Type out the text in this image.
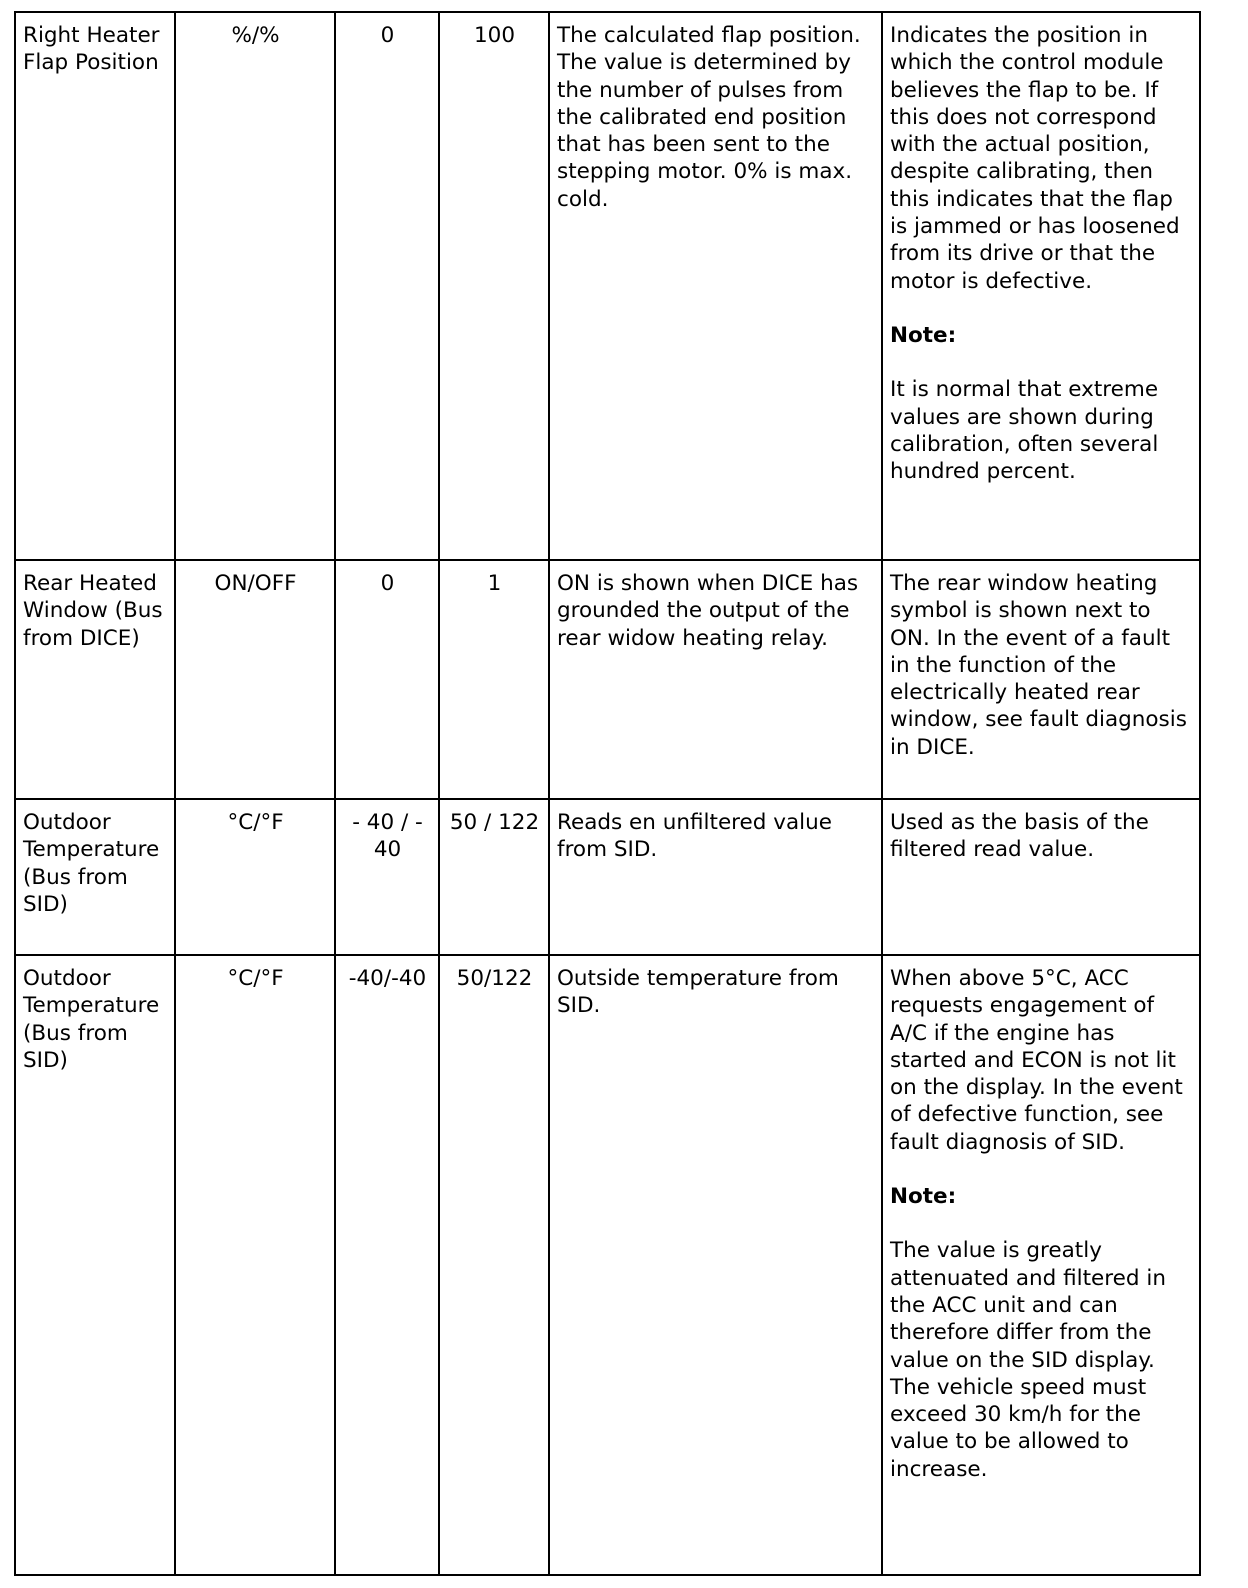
Right Heater Flap Position	%/%	0	100	The calculated flap position. The value is determined by the number of pulses from the calibrated end position that has been sent to the stepping motor. 0% is max. cold.	Indicates the position in which the control module believes the flap to be. If this does not correspond with the actual position, despite calibrating, then this indicates that the flap is jammed or has loosened from its drive or that the motor is defective.

Note:

It is normal that extreme values are shown during calibration, often several hundred percent.

Rear Heated Window (Bus from DICE)	ON/OFF	0	1	ON is shown when DICE has grounded the output of the rear widow heating relay.	The rear window heating symbol is shown next to ON. In the event of a fault in the function of the electrically heated rear window, see fault diagnosis in DICE.
Outdoor Temperature (Bus from SID)	°C/°F	- 40 / - 40	50 / 122	Reads en unfiltered value from SID.	Used as the basis of the filtered read value.
Outdoor Temperature (Bus from SID)	°C/°F	-40/-40	50/122	Outside temperature from SID.	When above 5°C, ACC requests engagement of A/C if the engine has started and ECON is not lit on the display. In the event of defective function, see fault diagnosis of SID.

Note:

The value is greatly attenuated and filtered in the ACC unit and can therefore differ from the value on the SID display. The vehicle speed must exceed 30 km/h for the value to be allowed to increase.
